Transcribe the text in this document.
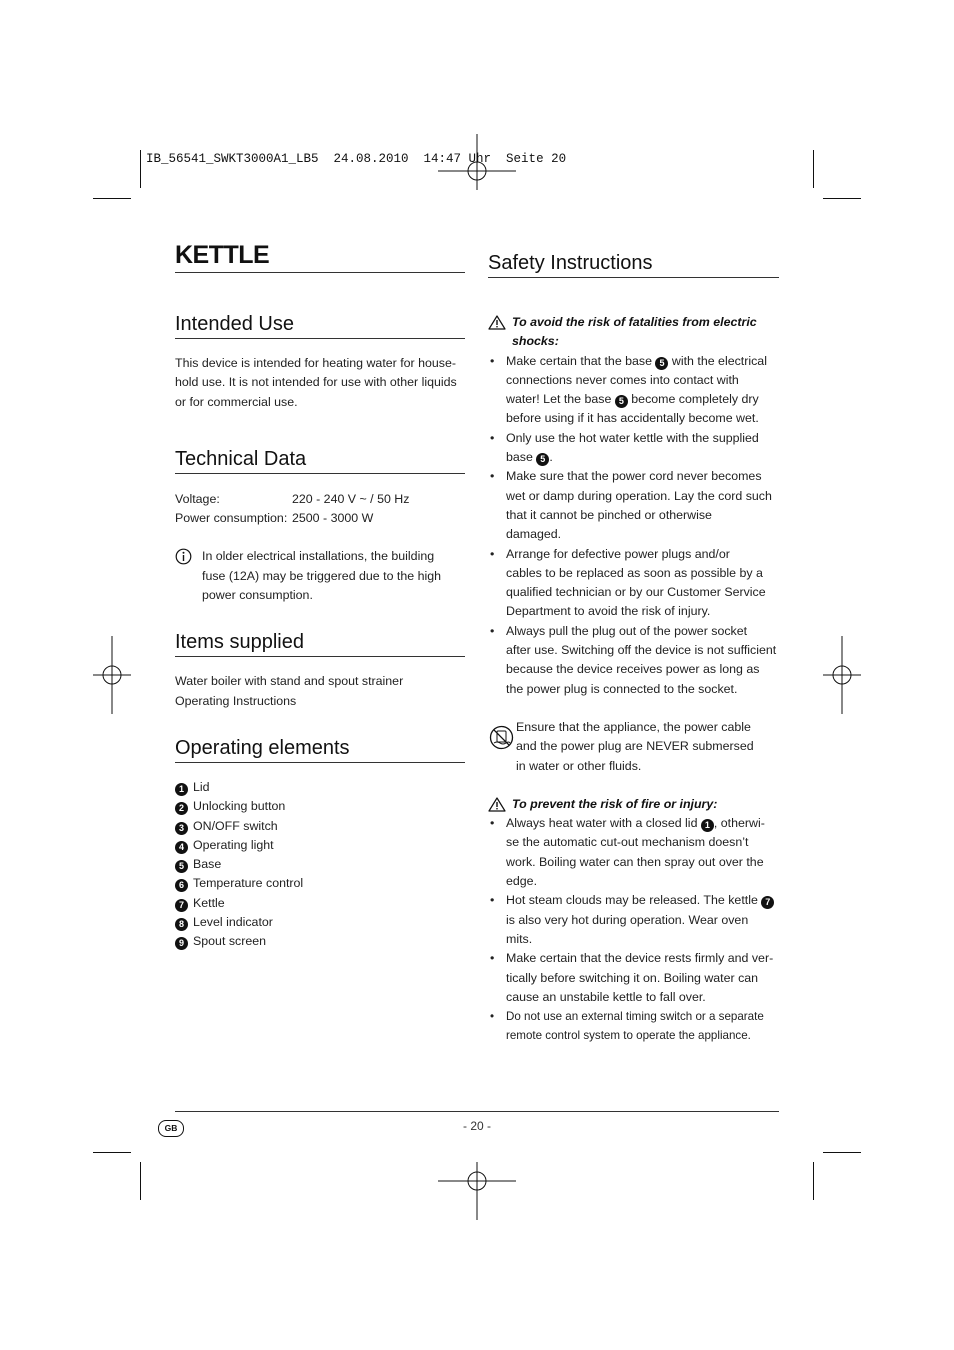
IB_56541_SWKT3000A1_LB5  24.08.2010  14:47 Uhr  Seite 20
KETTLE
Intended Use
This device is intended for heating water for house-
hold use. It is not intended for use with other liquids
or for commercial use.
Technical Data
Voltage:	220 - 240 V ~ / 50 Hz
Power consumption: 2500 - 3000 W
In older electrical installations, the building
fuse (12A) may be triggered due to the high
power consumption.
Items supplied
Water boiler with stand and spout strainer
Operating Instructions
Operating elements
1 Lid
2 Unlocking button
3 ON/OFF switch
4 Operating light
5 Base
6 Temperature control
7 Kettle
8 Level indicator
9 Spout screen
Safety Instructions
To avoid the risk of fatalities from electric
shocks:
• Make certain that the base 5 with the electrical
connections never comes into contact with
water! Let the base 5 become completely dry
before using if it has accidentally become wet.
• Only use the hot water kettle with the supplied
base 5 .
• Make sure that the power cord never becomes
wet or damp during operation. Lay the cord such
that it cannot be pinched or otherwise
damaged.
• Arrange for defective power plugs and/or
cables to be replaced as soon as possible by a
qualified technician or by our Customer Service
Department to avoid the risk of injury.
• Always pull the plug out of the power socket
after use. Switching off the device is not sufficient
because the device receives power as long as
the power plug is connected to the socket.
Ensure that the appliance, the power cable
and the power plug are NEVER submersed
in water or other fluids.
To prevent the risk of fire or injury:
• Always heat water with a closed lid 1 , otherwi-
se the automatic cut-out mechanism doesn’t
work. Boiling water can then spray out over the
edge.
• Hot steam clouds may be released. The kettle 7
is also very hot during operation. Wear oven
mits.
• Make certain that the device rests firmly and ver-
tically before switching it on. Boiling water can
cause an unstabile kettle to fall over.
• Do not use an external timing switch or a separate
remote control system to operate the appliance.
GB	- 20 -
